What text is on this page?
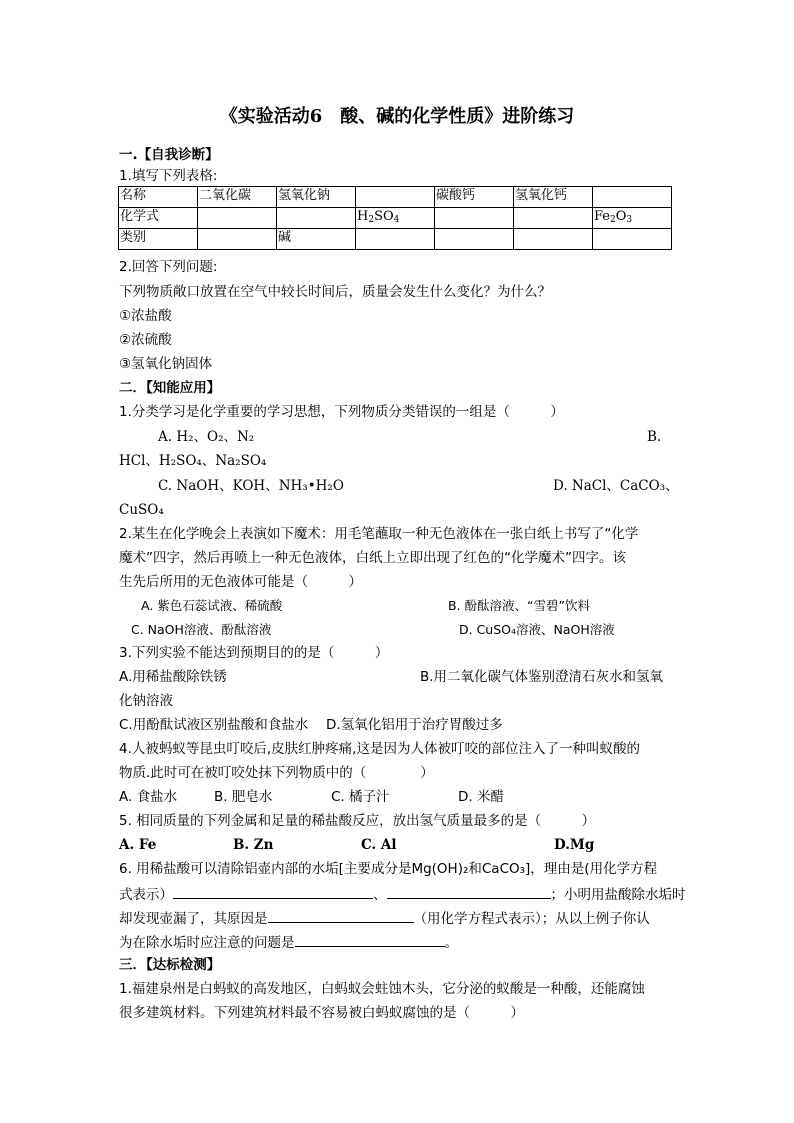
《实验活动6　酸、碱的化学性质》进阶练习
一.【自我诊断】
1.填写下列表格:
名称	二氧化碳	氢氧化钠		碳酸钙	氢氧化钙	
化学式			$H_2SO_4$			$Fe_2O_3$
类别		碱				
2.回答下列问题:
下列物质敞口放置在空气中较长时间后，质量会发生什么变化？为什么？
①浓盐酸
②浓硫酸
③氢氧化钠固体
二．【知能应用】
1.分类学习是化学重要的学习思想，下列物质分类错误的一组是（　　　）
A. H₂、O₂、N₂	B.
HCl、H₂SO₄、Na₂SO₄
C. NaOH、KOH、NH₃•H₂O	D. NaCl、CaCO₃、
CuSO₄
2.某生在化学晚会上表演如下魔术：用毛笔蘸取一种无色液体在一张白纸上书写了“化学
魔术”四字，然后再喷上一种无色液体，白纸上立即出现了红色的“化学魔术”四字。该
生先后所用的无色液体可能是（　　　）
A. 紫色石蕊试液、稀硫酸	B. 酚酞溶液、“雪碧”饮料
C. NaOH溶液、酚酞溶液	D. CuSO₄溶液、NaOH溶液
3.下列实验不能达到预期目的的是（　　　）
A.用稀盐酸除铁锈	B.用二氧化碳气体鉴别澄清石灰水和氢氧
化钠溶液
C.用酚酞试液区别盐酸和食盐水　 D.氢氧化铝用于治疗胃酸过多
4.人被蚂蚁等昆虫叮咬后,皮肤红肿疼痛,这是因为人体被叮咬的部位注入了一种叫蚁酸的
物质.此时可在被叮咬处抹下列物质中的（　　　　）
A. 食盐水	B. 肥皂水	C. 橘子汁	D. 米醋
5. 相同质量的下列金属和足量的稀盐酸反应，放出氢气质量最多的是（　　　）
A. Fe	B. Zn	C. Al	D.Mg
6. 用稀盐酸可以清除铝壶内部的水垢[主要成分是Mg(OH)₂和CaCO₃]，理由是(用化学方程
式表示）	、	；小明用盐酸除水垢时
却发现壶漏了，其原因是	（用化学方程式表示）；从以上例子你认
为在除水垢时应注意的问题是	。
三．【达标检测】
1.福建泉州是白蚂蚁的高发地区，白蚂蚁会蛀蚀木头，它分泌的蚁酸是一种酸，还能腐蚀
很多建筑材料。下列建筑材料最不容易被白蚂蚁腐蚀的是（　　　）
